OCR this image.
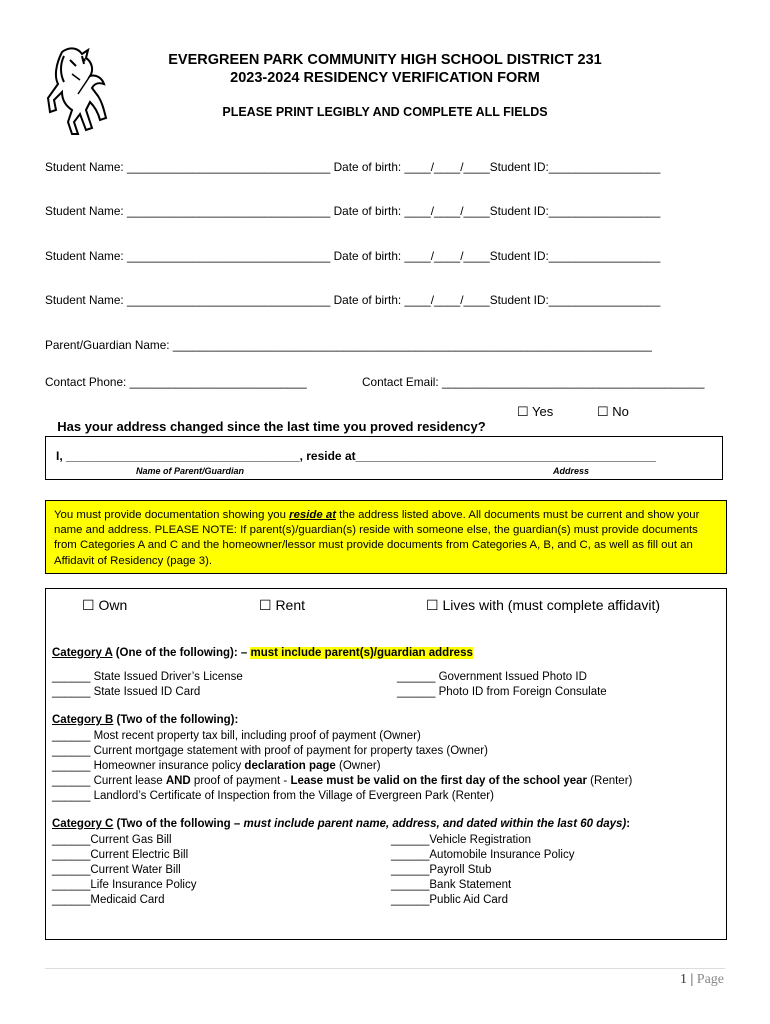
EVERGREEN PARK COMMUNITY HIGH SCHOOL DISTRICT 231
2023-2024 RESIDENCY VERIFICATION FORM
PLEASE PRINT LEGIBLY AND COMPLETE ALL FIELDS
Student Name: _______________________________ Date of birth: ____/____/____Student ID:_________________
Student Name: _______________________________ Date of birth: ____/____/____Student ID:_________________
Student Name: _______________________________ Date of birth: ____/____/____Student ID:_________________
Student Name: _______________________________ Date of birth: ____/____/____Student ID:_________________
Parent/Guardian Name: _________________________________________________________________________
Contact Phone: ___________________________	Contact Email: ________________________________________

Has your address changed since the last time you proved residency?

☐ Yes	☐ No
I, ___________________________________, reside at_____________________________________________
Name of Parent/Guardian	Address
You must provide documentation showing you reside at the address listed above. All documents must be current and show your name and address. PLEASE NOTE: If parent(s)/guardian(s) reside with someone else, the guardian(s) must provide documents from Categories A and C and the homeowner/lessor must provide documents from Categories A, B, and C, as well as fill out an Affidavit of Residency (page 3).
☐ Own	☐ Rent	☐ Lives with (must complete affidavit)
Category A (One of the following): – must include parent(s)/guardian address
______ State Issued Driver’s License
______ State Issued ID Card
______ Government Issued Photo ID
______ Photo ID from Foreign Consulate
Category B (Two of the following):
______ Most recent property tax bill, including proof of payment (Owner)
______ Current mortgage statement with proof of payment for property taxes (Owner)
______ Homeowner insurance policy declaration page (Owner)
______ Current lease AND proof of payment - Lease must be valid on the first day of the school year (Renter)
______ Landlord’s Certificate of Inspection from the Village of Evergreen Park (Renter)
Category C (Two of the following – must include parent name, address, and dated within the last 60 days):
______Current Gas Bill
______Current Electric Bill
______Current Water Bill
______Life Insurance Policy
______Medicaid Card
______Vehicle Registration
______Automobile Insurance Policy
______Payroll Stub
______Bank Statement
______Public Aid Card
1 | Page
